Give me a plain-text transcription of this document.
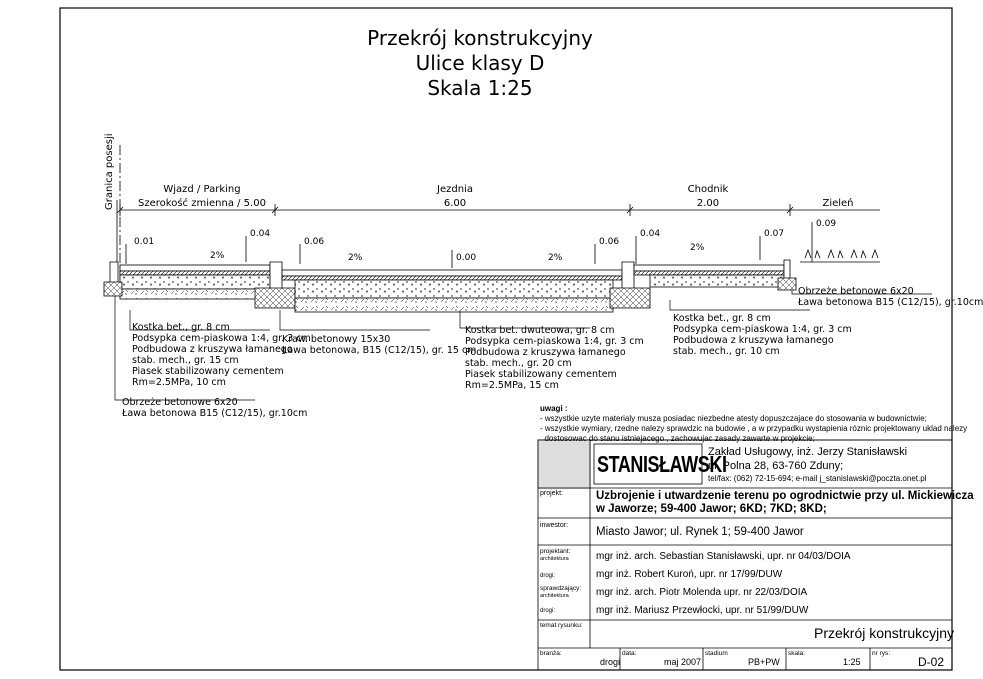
Granica posesji	Wjazd / Parking
Szerokość zmienna / 5.00
Jezdnia
6.00
Chodnik
2.00	Zieleń
0.01
0.04
0.06
0.00
0.06
0.04	0.07
0.09
2%	2%	2%
2%
Przekrój konstrukcyjny
Ulice klasy D
Skala 1:25
Kostka bet., gr. 8 cm
Podsypka cem-piaskowa 1:4, gr. 3 cm
Podbudowa z kruszywa łamanego
stab. mech., gr. 15 cm
Piasek stabilizowany cementem
Rm=2.5MPa, 10 cm
Kraw. betonowy 15x30
Ława betonowa, B15 (C12/15), gr. 15 cm
Kostka bet. dwuteowa, gr. 8 cm
Podsypka cem-piaskowa 1:4, gr. 3 cm
Podbudowa z kruszywa łamanego
stab. mech., gr. 20 cm
Piasek stabilizowany cementem
Rm=2.5MPa, 15 cm
Kostka bet., gr. 8 cm
Podsypka cem-piaskowa 1:4, gr. 3 cm
Podbudowa z kruszywa łamanego
stab. mech., gr. 10 cm
Obrzeże betonowe 6x20
Ława betonowa B15 (C12/15), gr.10cm
Obrzeże betonowe 6x20
Ława betonowa B15 (C12/15), gr.10cm	uwagi :
- wszystkie uzyte materialy musza posiadac niezbedne atesty dopuszczajace do stosowania w budownictwie;
- wszystkie wymiary, rzedne nalezy sprawdzic na budowie , a w przypadku wystapienia róznic projektowany uklad nalezy
dostosowac do stanu istniejacego , zachowujac zasady zawarte w projekcie;
STANISŁAWSKI
Zakład Usługowy, inż. Jerzy Stanisławski
ul. Polna 28, 63-760 Zduny;
tel/fax: (062) 72-15-694; e-mail j_stanislawski@poczta.onet.pl
projekt:	Uzbrojenie i utwardzenie terenu po ogrodnictwie przy ul. Mickiewicza
w Jaworze; 59-400 Jawor; 6KD; 7KD; 8KD;
inwestor:
Miasto Jawor; ul. Rynek 1; 59-400 Jawor
projektant:
architektura	mgr inż. arch. Sebastian Stanisławski, upr. nr 04/03/DOIA
drogi:	mgr inż. Robert Kuroń, upr. nr 17/99/DUW
sprawdzający:
architektura	mgr inż. arch. Piotr Molenda upr. nr 22/03/DOIA
drogi:	mgr inż. Mariusz Przewłocki, upr. nr 51/99/DUW
temat rysunku:	Przekrój konstrukcyjny
branża:
drogi
data:
maj 2007
stadium
PB+PW
skala:
1:25
nr rys:
D-02
